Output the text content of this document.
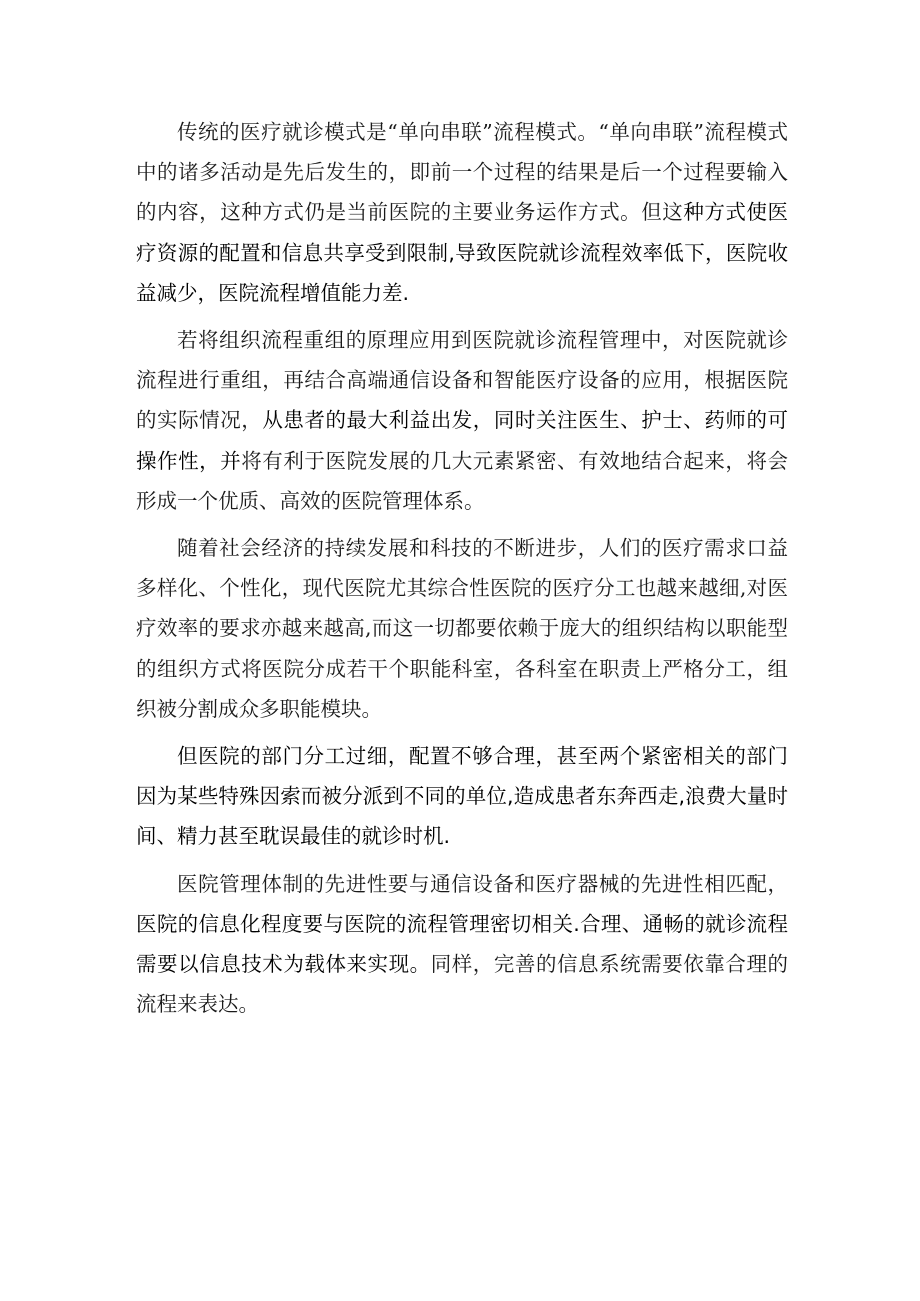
传统的医疗就诊模式是“单向串联”流程模式。“单向串联”流程模式中的诸多活动是先后发生的，即前一个过程的结果是后一个过程要输入的内容，这种方式仍是当前医院的主要业务运作方式。但这种方式使医疗资源的配置和信息共享受到限制,导致医院就诊流程效率低下，医院收益减少，医院流程增值能力差.

若将组织流程重组的原理应用到医院就诊流程管理中，对医院就诊流程进行重组，再结合高端通信设备和智能医疗设备的应用，根据医院的实际情况，从患者的最大利益出发，同时关注医生、护士、药师的可操作性，并将有利于医院发展的几大元素紧密、有效地结合起来，将会形成一个优质、高效的医院管理体系。

随着社会经济的持续发展和科技的不断进步，人们的医疗需求口益多样化、个性化，现代医院尤其综合性医院的医疗分工也越来越细,对医疗效率的要求亦越来越高,而这一切都要依赖于庞大的组织结构以职能型的组织方式将医院分成若干个职能科室，各科室在职责上严格分工，组织被分割成众多职能模块。

但医院的部门分工过细，配置不够合理，甚至两个紧密相关的部门因为某些特殊因索而被分派到不同的单位,造成患者东奔西走,浪费大量时间、精力甚至耽误最佳的就诊时机.

医院管理体制的先进性要与通信设备和医疗器械的先进性相匹配，医院的信息化程度要与医院的流程管理密切相关.合理、通畅的就诊流程需要以信息技术为载体来实现。同样，完善的信息系统需要依靠合理的流程来表达。
